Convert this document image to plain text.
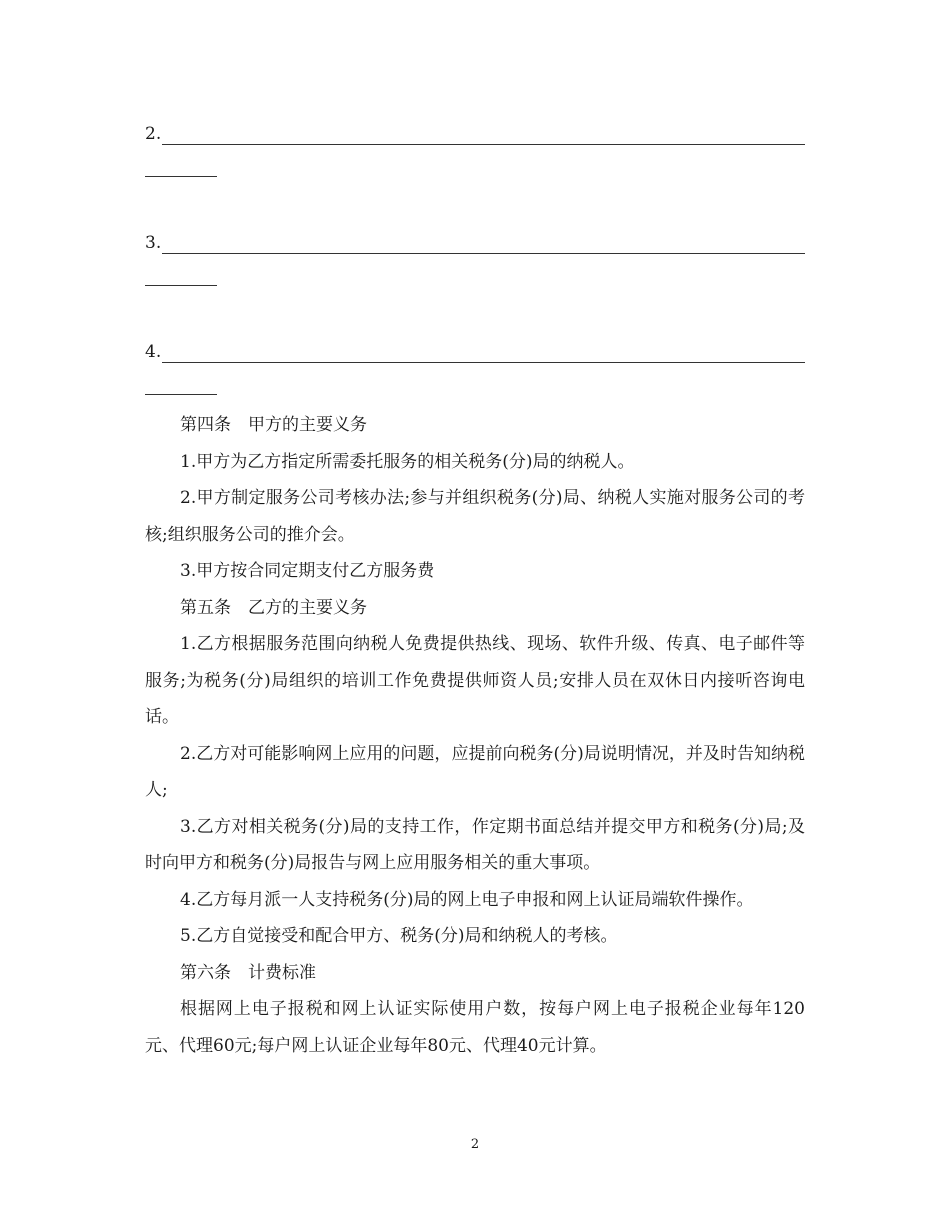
2.
3.
4.

第四条　甲方的主要义务

1.甲方为乙方指定所需委托服务的相关税务(分)局的纳税人。

2.甲方制定服务公司考核办法;参与并组织税务(分)局、纳税人实施对服务公司的考核;组织服务公司的推介会。

3.甲方按合同定期支付乙方服务费

第五条　乙方的主要义务

1.乙方根据服务范围向纳税人免费提供热线、现场、软件升级、传真、电子邮件等服务;为税务(分)局组织的培训工作免费提供师资人员;安排人员在双休日内接听咨询电话。

2.乙方对可能影响网上应用的问题，应提前向税务(分)局说明情况，并及时告知纳税人;

3.乙方对相关税务(分)局的支持工作，作定期书面总结并提交甲方和税务(分)局;及时向甲方和税务(分)局报告与网上应用服务相关的重大事项。

4.乙方每月派一人支持税务(分)局的网上电子申报和网上认证局端软件操作。

5.乙方自觉接受和配合甲方、税务(分)局和纳税人的考核。

第六条　计费标准

根据网上电子报税和网上认证实际使用户数，按每户网上电子报税企业每年120元、代理60元;每户网上认证企业每年80元、代理40元计算。

2
